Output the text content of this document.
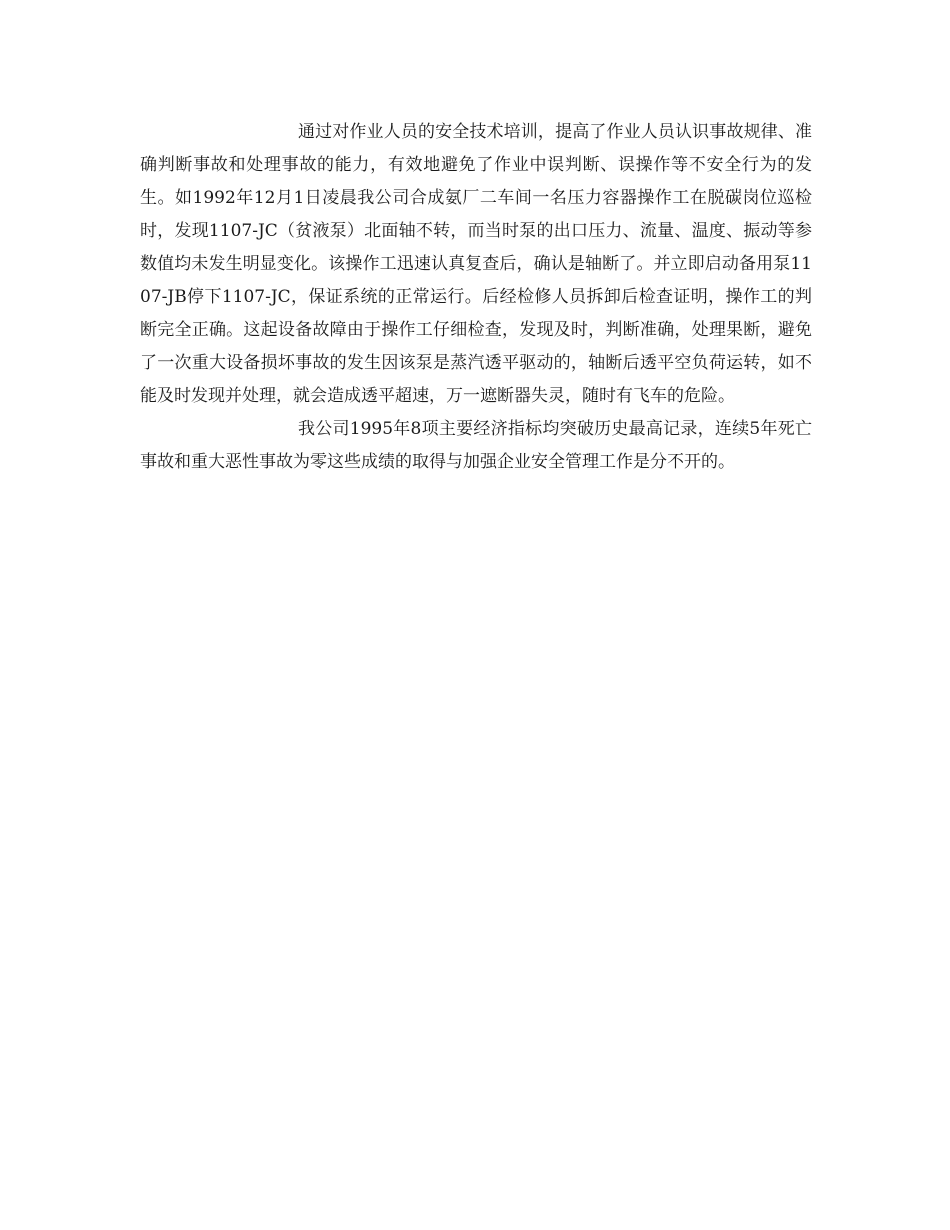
通过对作业人员的安全技术培训，提高了作业人员认识事故规律、准确判断事故和处理事故的能力，有效地避免了作业中误判断、误操作等不安全行为的发生。如1992年12月1日凌晨我公司合成氨厂二车间一名压力容器操作工在脱碳岗位巡检时，发现1107-JC（贫液泵）北面轴不转，而当时泵的出口压力、流量、温度、振动等参数值均未发生明显变化。该操作工迅速认真复查后，确认是轴断了。并立即启动备用泵1107-JB停下1107-JC，保证系统的正常运行。后经检修人员拆卸后检查证明，操作工的判断完全正确。这起设备故障由于操作工仔细检查，发现及时，判断准确，处理果断，避免了一次重大设备损坏事故的发生因该泵是蒸汽透平驱动的，轴断后透平空负荷运转，如不能及时发现并处理，就会造成透平超速，万一遮断器失灵，随时有飞车的危险。

我公司1995年8项主要经济指标均突破历史最高记录，连续5年死亡事故和重大恶性事故为零这些成绩的取得与加强企业安全管理工作是分不开的。
